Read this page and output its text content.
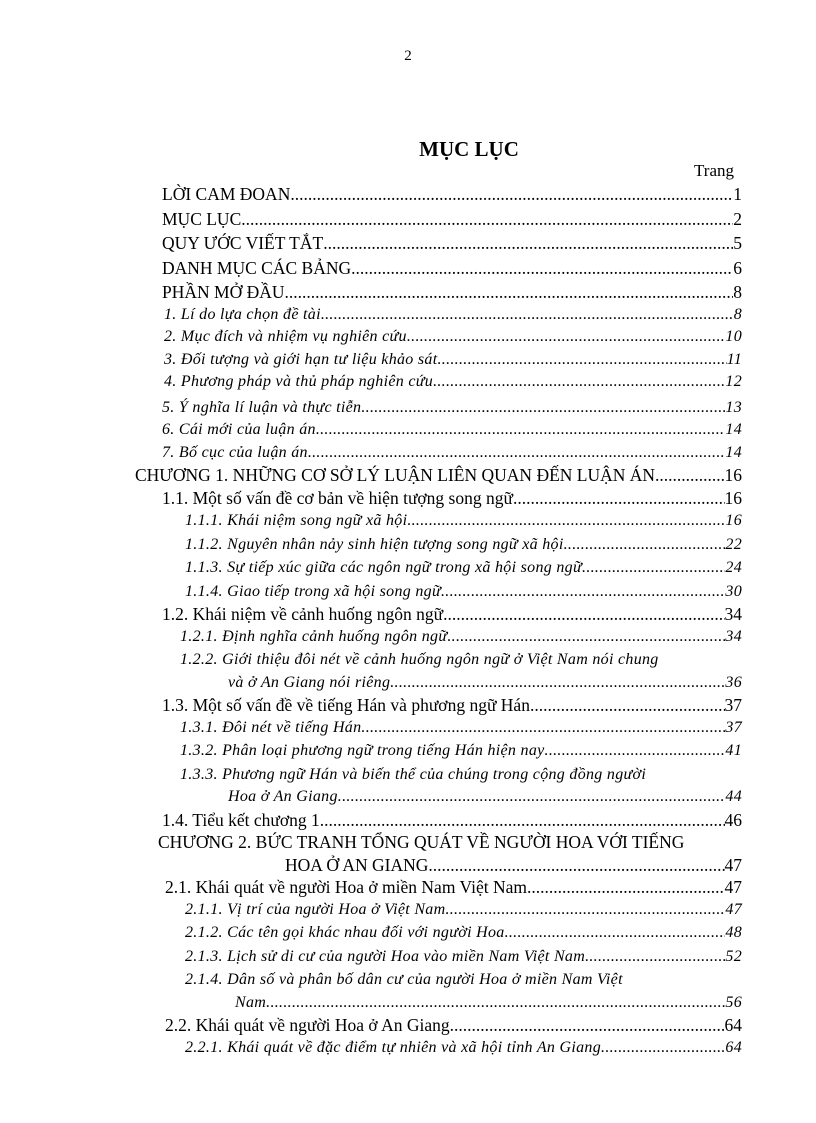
2
MỤC LỤC
Trang
LỜI CAM ĐOAN .....	1
MỤC LỤC .....	2
QUY ƯỚC VIẾT TẮT .....	5
DANH MỤC CÁC BẢNG .....	6
PHẦN MỞ ĐẦU .....	8
1. Lí do lựa chọn đề tài .....	8
2. Mục đích và nhiệm vụ nghiên cứu .....	10
3. Đối tượng và giới hạn tư liệu khảo sát .....	11
4. Phương pháp và thủ pháp nghiên cứu .....	12
5. Ý nghĩa lí luận và thực tiễn .....	13
6. Cái mới của luận án .....	14
7. Bố cục của luận án .....	14
CHƯƠNG 1. NHỮNG CƠ SỞ LÝ LUẬN LIÊN QUAN ĐẾN LUẬN ÁN .....	16
1.1. Một số vấn đề cơ bản về hiện tượng song ngữ .....	16
1.1.1. Khái niệm song ngữ xã hội .....	16
1.1.2. Nguyên nhân nảy sinh hiện tượng song ngữ xã hội .....	22
1.1.3. Sự tiếp xúc giữa các ngôn ngữ trong xã hội song ngữ .....	24
1.1.4. Giao tiếp trong xã hội song ngữ .....	30
1.2. Khái niệm về cảnh huống ngôn ngữ .....	34
1.2.1. Định nghĩa cảnh huống ngôn ngữ .....	34
1.2.2. Giới thiệu đôi nét về cảnh huống ngôn ngữ ở Việt Nam nói chung
và ở An Giang nói riêng .....	36
1.3. Một số vấn đề về tiếng Hán và phương ngữ Hán .....	37
1.3.1. Đôi nét về tiếng Hán .....	37
1.3.2. Phân loại phương ngữ trong tiếng Hán hiện nay .....	41
1.3.3. Phương ngữ Hán và biến thể của chúng trong cộng đồng người
Hoa ở An Giang .....	44
1.4. Tiểu kết chương 1 .....	46
CHƯƠNG 2. BỨC TRANH TỔNG QUÁT VỀ NGƯỜI HOA VỚI TIẾNG
HOA Ở AN GIANG .....	47
2.1. Khái quát về người Hoa ở miền Nam Việt Nam .....	47
2.1.1. Vị trí của người Hoa ở Việt Nam .....	47
2.1.2. Các tên gọi khác nhau đối với người Hoa .....	48
2.1.3. Lịch sử di cư của người Hoa vào miền Nam Việt Nam .....	52
2.1.4. Dân số và phân bố dân cư của người Hoa ở miền Nam Việt
Nam .....	56
2.2. Khái quát về người Hoa ở An Giang .....	64
2.2.1. Khái quát về đặc điểm tự nhiên và xã hội tỉnh An Giang .....	64
